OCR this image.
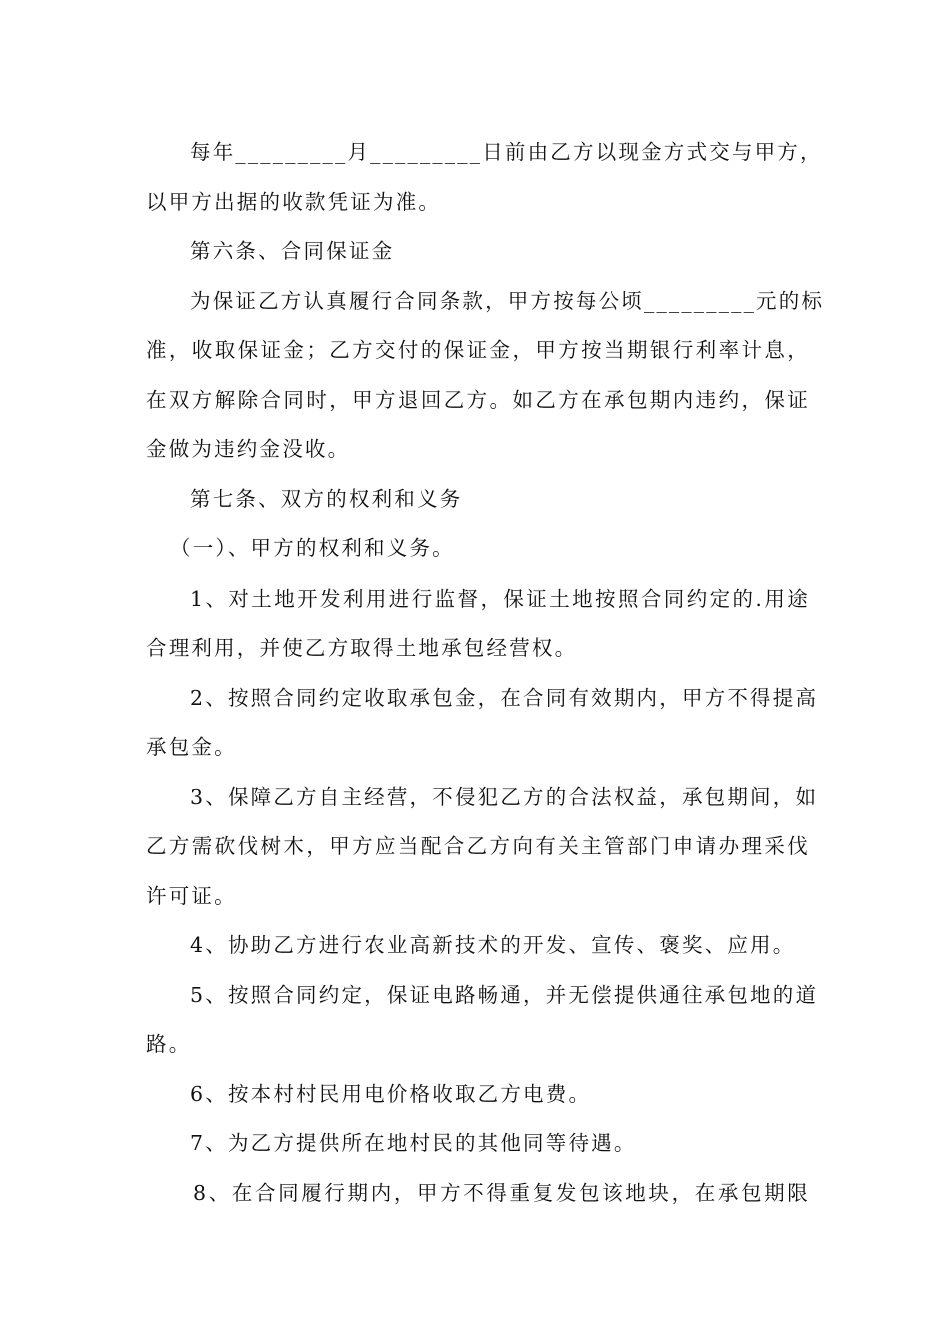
每年_________月_________日前由乙方以现金方式交与甲方，
以甲方出据的收款凭证为准。
第六条、合同保证金
为保证乙方认真履行合同条款，甲方按每公顷_________元的标
准，收取保证金；乙方交付的保证金，甲方按当期银行利率计息，
在双方解除合同时，甲方退回乙方。如乙方在承包期内违约，保证
金做为违约金没收。
第七条、双方的权利和义务
（一）、甲方的权利和义务。
1、对土地开发利用进行监督，保证土地按照合同约定的.用途
合理利用，并使乙方取得土地承包经营权。
2、按照合同约定收取承包金，在合同有效期内，甲方不得提高
承包金。
3、保障乙方自主经营，不侵犯乙方的合法权益，承包期间，如
乙方需砍伐树木，甲方应当配合乙方向有关主管部门申请办理采伐
许可证。
4、协助乙方进行农业高新技术的开发、宣传、褒奖、应用。
5、按照合同约定，保证电路畅通，并无偿提供通往承包地的道
路。
6、按本村村民用电价格收取乙方电费。
7、为乙方提供所在地村民的其他同等待遇。
8、在合同履行期内，甲方不得重复发包该地块，在承包期限
